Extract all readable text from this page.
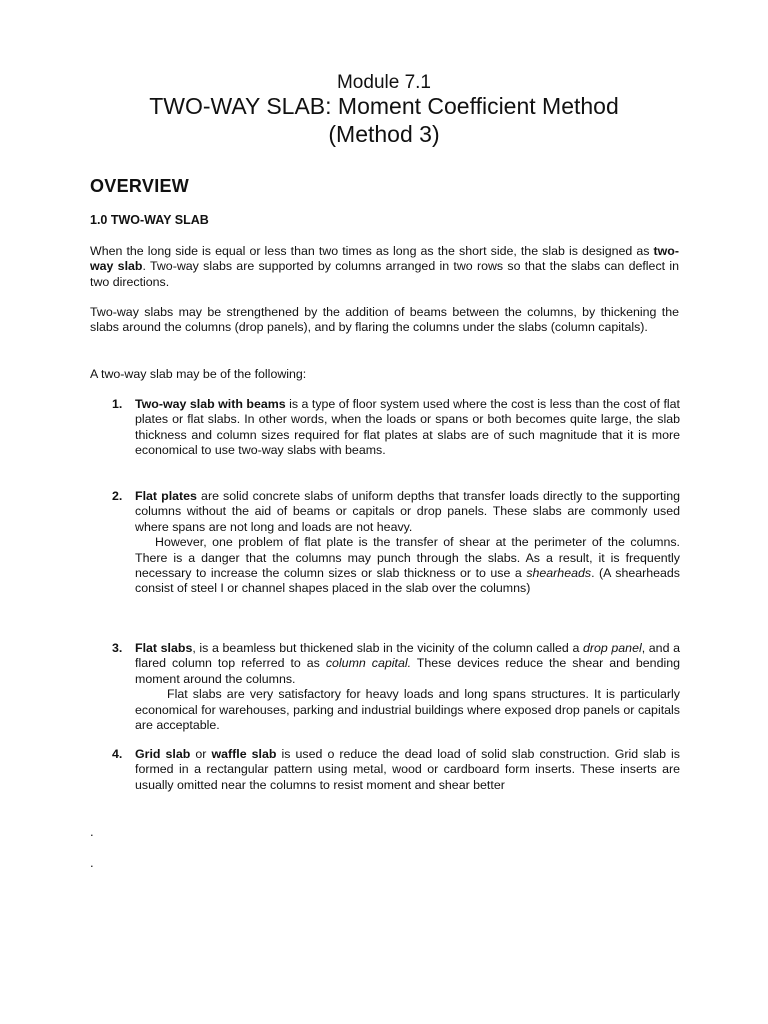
Module 7.1
TWO-WAY SLAB: Moment Coefficient Method
(Method 3)
OVERVIEW
1.0 TWO-WAY SLAB

When the long side is equal or less than two times as long as the short side, the slab is designed as two-way slab. Two-way slabs are supported by columns arranged in two rows so that the slabs can deflect in two directions.

Two-way slabs may be strengthened by the addition of beams between the columns, by thickening the slabs around the columns (drop panels), and by flaring the columns under the slabs (column capitals).

A two-way slab may be of the following:

1. Two-way slab with beams is a type of floor system used where the cost is less than the cost of flat plates or flat slabs. In other words, when the loads or spans or both becomes quite large, the slab thickness and column sizes required for flat plates at slabs are of such magnitude that it is more economical to use two-way slabs with beams.

2. Flat plates are solid concrete slabs of uniform depths that transfer loads directly to the supporting columns without the aid of beams or capitals or drop panels. These slabs are commonly used where spans are not long and loads are not heavy.

However, one problem of flat plate is the transfer of shear at the perimeter of the columns. There is a danger that the columns may punch through the slabs. As a result, it is frequently necessary to increase the column sizes or slab thickness or to use a shearheads. (A shearheads consist of steel I or channel shapes placed in the slab over the columns)

3. Flat slabs, is a beamless but thickened slab in the vicinity of the column called a drop panel, and a flared column top referred to as column capital. These devices reduce the shear and bending moment around the columns.

Flat slabs are very satisfactory for heavy loads and long spans structures. It is particularly economical for warehouses, parking and industrial buildings where exposed drop panels or capitals are acceptable.

4. Grid slab or waffle slab is used o reduce the dead load of solid slab construction. Grid slab is formed in a rectangular pattern using metal, wood or cardboard form inserts. These inserts are usually omitted near the columns to resist moment and shear better

.
.
